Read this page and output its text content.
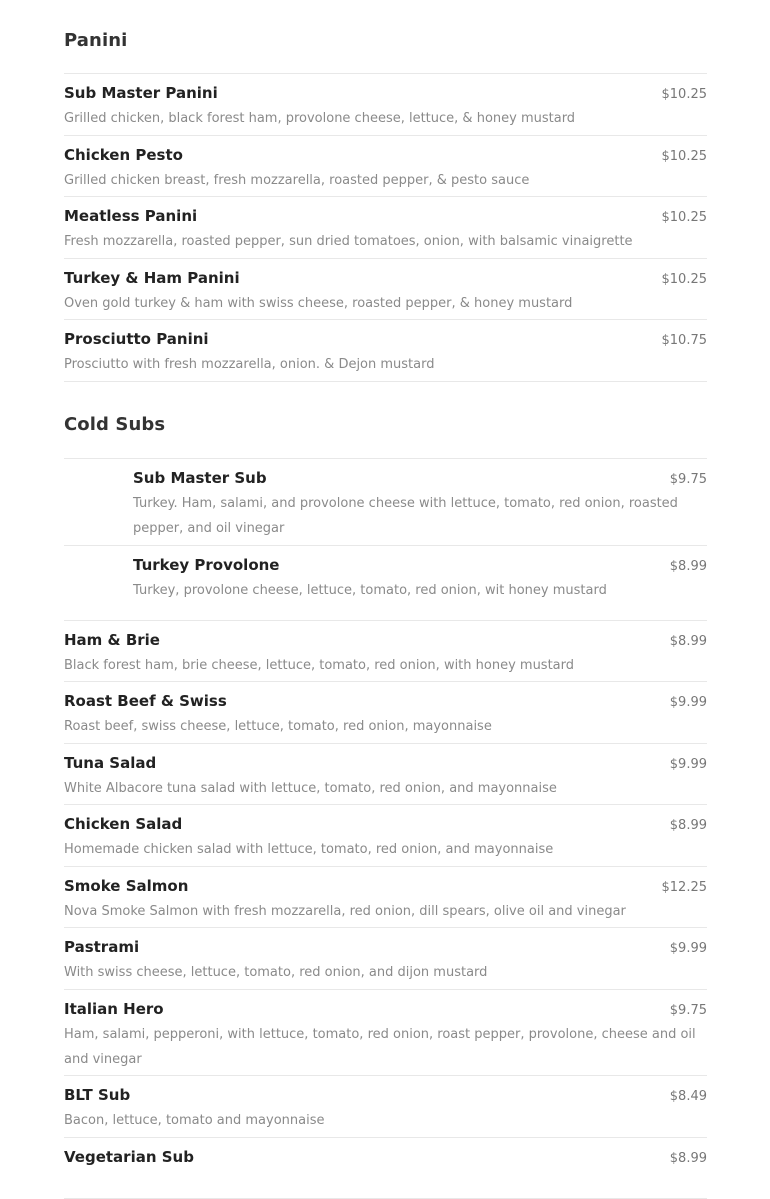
Panini
Sub Master Panini	$10.25
Grilled chicken, black forest ham, provolone cheese, lettuce, & honey mustard
Chicken Pesto	$10.25
Grilled chicken breast, fresh mozzarella, roasted pepper, & pesto sauce
Meatless Panini	$10.25
Fresh mozzarella, roasted pepper, sun dried tomatoes, onion, with balsamic vinaigrette
Turkey & Ham Panini	$10.25
Oven gold turkey & ham with swiss cheese, roasted pepper, & honey mustard
Prosciutto Panini	$10.75
Prosciutto with fresh mozzarella, onion. & Dejon mustard
Cold Subs
Sub Master Sub	$9.75
Turkey. Ham, salami, and provolone cheese with lettuce, tomato, red onion, roasted pepper, and oil vinegar
Turkey Provolone	$8.99
Turkey, provolone cheese, lettuce, tomato, red onion, wit honey mustard
Ham & Brie	$8.99
Black forest ham, brie cheese, lettuce, tomato, red onion, with honey mustard
Roast Beef & Swiss	$9.99
Roast beef, swiss cheese, lettuce, tomato, red onion, mayonnaise
Tuna Salad	$9.99
White Albacore tuna salad with lettuce, tomato, red onion, and mayonnaise
Chicken Salad	$8.99
Homemade chicken salad with lettuce, tomato, red onion, and mayonnaise
Smoke Salmon	$12.25
Nova Smoke Salmon with fresh mozzarella, red onion, dill spears, olive oil and vinegar
Pastrami	$9.99
With swiss cheese, lettuce, tomato, red onion, and dijon mustard
Italian Hero	$9.75
Ham, salami, pepperoni, with lettuce, tomato, red onion, roast pepper, provolone, cheese and oil and vinegar
BLT Sub	$8.49
Bacon, lettuce, tomato and mayonnaise
Vegetarian Sub	$8.99
